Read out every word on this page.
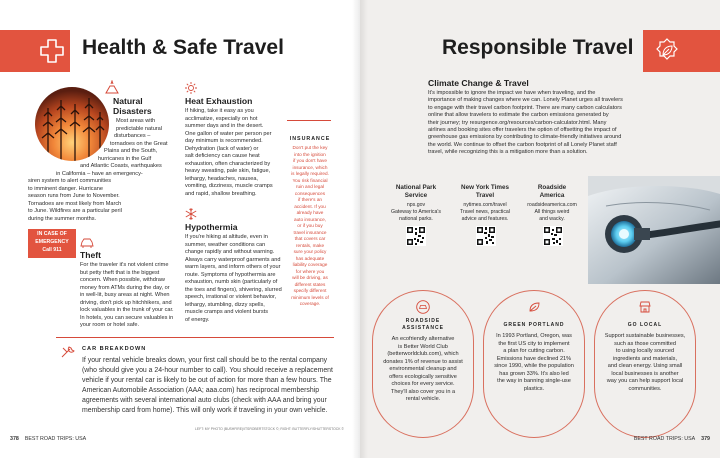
Health & Safe Travel
Natural
Disasters
Most areas with
predictable natural
disturbances –
tornadoes on the Great
Plains and the South,
hurricanes in the Gulf
and Atlantic Coasts, earthquakes
in California – have an emergency-
siren system to alert communities
to imminent danger. Hurricane
season runs from June to November.
Tornadoes are most likely from March
to June. Wildfires are a particular peril
during the summer months.
IN CASE OF
EMERGENCY
Call 911	Theft
For the traveler it's not violent crime
but petty theft that is the biggest
concern. When possible, withdraw
money from ATMs during the day, or
in well-lit, busy areas at night. When
driving, don't pick up hitchhikers, and
lock valuables in the trunk of your car.
In hotels, you can secure valuables in
your room or hotel safe.
Heat Exhaustion
If hiking, take it easy as you
acclimatize, especially on hot
summer days and in the desert.
One gallon of water per person per
day minimum is recommended.
Dehydration (lack of water) or
salt deficiency can cause heat
exhaustion, often characterized by
heavy sweating, pale skin, fatigue,
lethargy, headaches, nausea,
vomiting, dizziness, muscle cramps
and rapid, shallow breathing.
Hypothermia
If you're hiking at altitude, even in
summer, weather conditions can
change rapidly and without warning.
Always carry waterproof garments and
warm layers, and inform others of your
route. Symptoms of hypothermia are
exhaustion, numb skin (particularly of
the toes and fingers), shivering, slurred
speech, irrational or violent behavior,
lethargy, stumbling, dizzy spells,
muscle cramps and violent bursts
of energy.
INSURANCE
Don't put the key
into the ignition
if you don't have
insurance, which
is legally required.
You risk financial
ruin and legal
consequences
if there's an
accident. If you
already have
auto insurance,
or if you buy
travel insurance
that covers car
rentals, make
sure your policy
has adequate
liability coverage
for where you
will be driving, as
different states
specify different
minimum levels of
coverage.
CAR BREAKDOWN
If your rental vehicle breaks down, your first call should be to the rental company
(who should give you a 24-hour number to call). You should receive a replacement
vehicle if your rental car is likely to be out of action for more than a few hours. The
American Automobile Association (AAA; aaa.com) has reciprocal membership
agreements with several international auto clubs (check with AAA and bring your
membership card from home). This will only work if traveling in your own vehicle.
LEFT: MY PHOTO (BUSHFIRE)/ITSROBERTSTOCK ©; RIGHT: BUTTERFLY/SHUTTERSTOCK ©
378 BEST ROAD TRIPS: USA
Responsible Travel
Climate Change & Travel
It's impossible to ignore the impact we have when traveling, and the
importance of making changes where we can. Lonely Planet urges all travelers
to engage with their travel carbon footprint. There are many carbon calculators
online that allow travelers to estimate the carbon emissions generated by
their journey; try resurgence.org/resources/carbon-calculator.html. Many
airlines and booking sites offer travelers the option of offsetting the impact of
greenhouse gas emissions by contributing to climate-friendly initiatives around
the world. We continue to offset the carbon footprint of all Lonely Planet staff
travel, while recognizing this is a mitigation more than a solution.
National Park
Service
nps.gov
Gateway to America's
national parks.
New York Times
Travel
nytimes.com/travel
Travel news, practical
advice and features.
Roadside
America
roadsideamerica.com
All things weird
and wacky.
ROADSIDE
ASSISTANCE
An ecofriendly alternative
is Better World Club
(betterworldclub.com), which
donates 1% of revenue to assist
environmental cleanup and
offers ecologically sensitive
choices for every service.
They'll also cover you in a
rental vehicle.
GREEN PORTLAND
In 1993 Portland, Oregon, was
the first US city to implement
a plan for cutting carbon.
Emissions have declined 21%
since 1990, while the population
has grown 33%. It's also led
the way in banning single-use
plastics.
GO LOCAL
Support sustainable businesses,
such as those committed
to using locally sourced
ingredients and materials,
and clean energy. Using small
local businesses is another
way you can help support local
communities.
BEST ROAD TRIPS: USA 379
